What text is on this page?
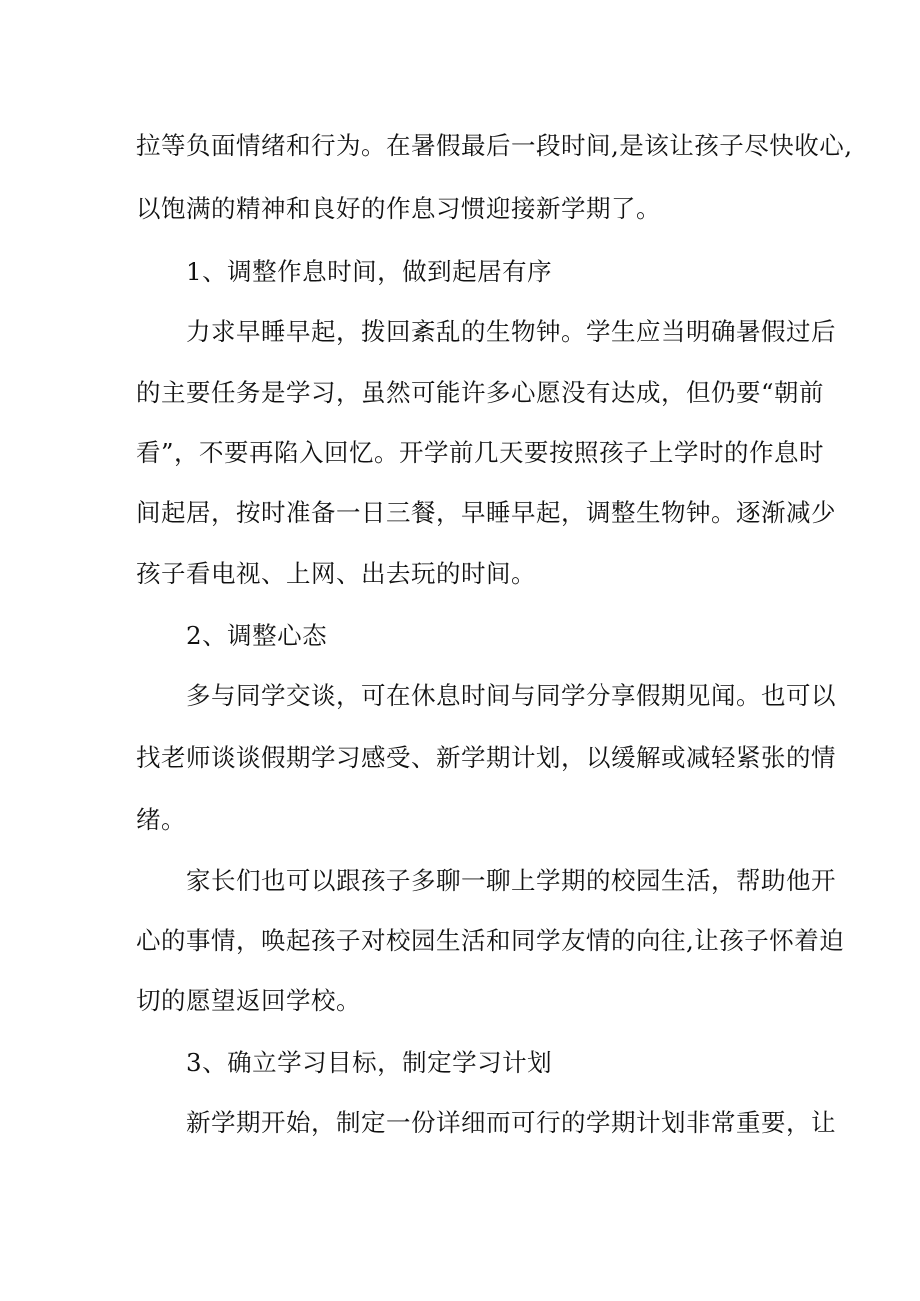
拉等负面情绪和行为。在暑假最后一段时间,是该让孩子尽快收心,
以饱满的精神和良好的作息习惯迎接新学期了。
1、调整作息时间，做到起居有序
力求早睡早起，拨回紊乱的生物钟。学生应当明确暑假过后
的主要任务是学习，虽然可能许多心愿没有达成，但仍要“朝前
看”，不要再陷入回忆。开学前几天要按照孩子上学时的作息时
间起居，按时准备一日三餐，早睡早起，调整生物钟。逐渐减少
孩子看电视、上网、出去玩的时间。
2、调整心态
多与同学交谈，可在休息时间与同学分享假期见闻。也可以
找老师谈谈假期学习感受、新学期计划，以缓解或减轻紧张的情
绪。
家长们也可以跟孩子多聊一聊上学期的校园生活，帮助他开
心的事情，唤起孩子对校园生活和同学友情的向往,让孩子怀着迫
切的愿望返回学校。
3、确立学习目标，制定学习计划
新学期开始，制定一份详细而可行的学期计划非常重要，让
